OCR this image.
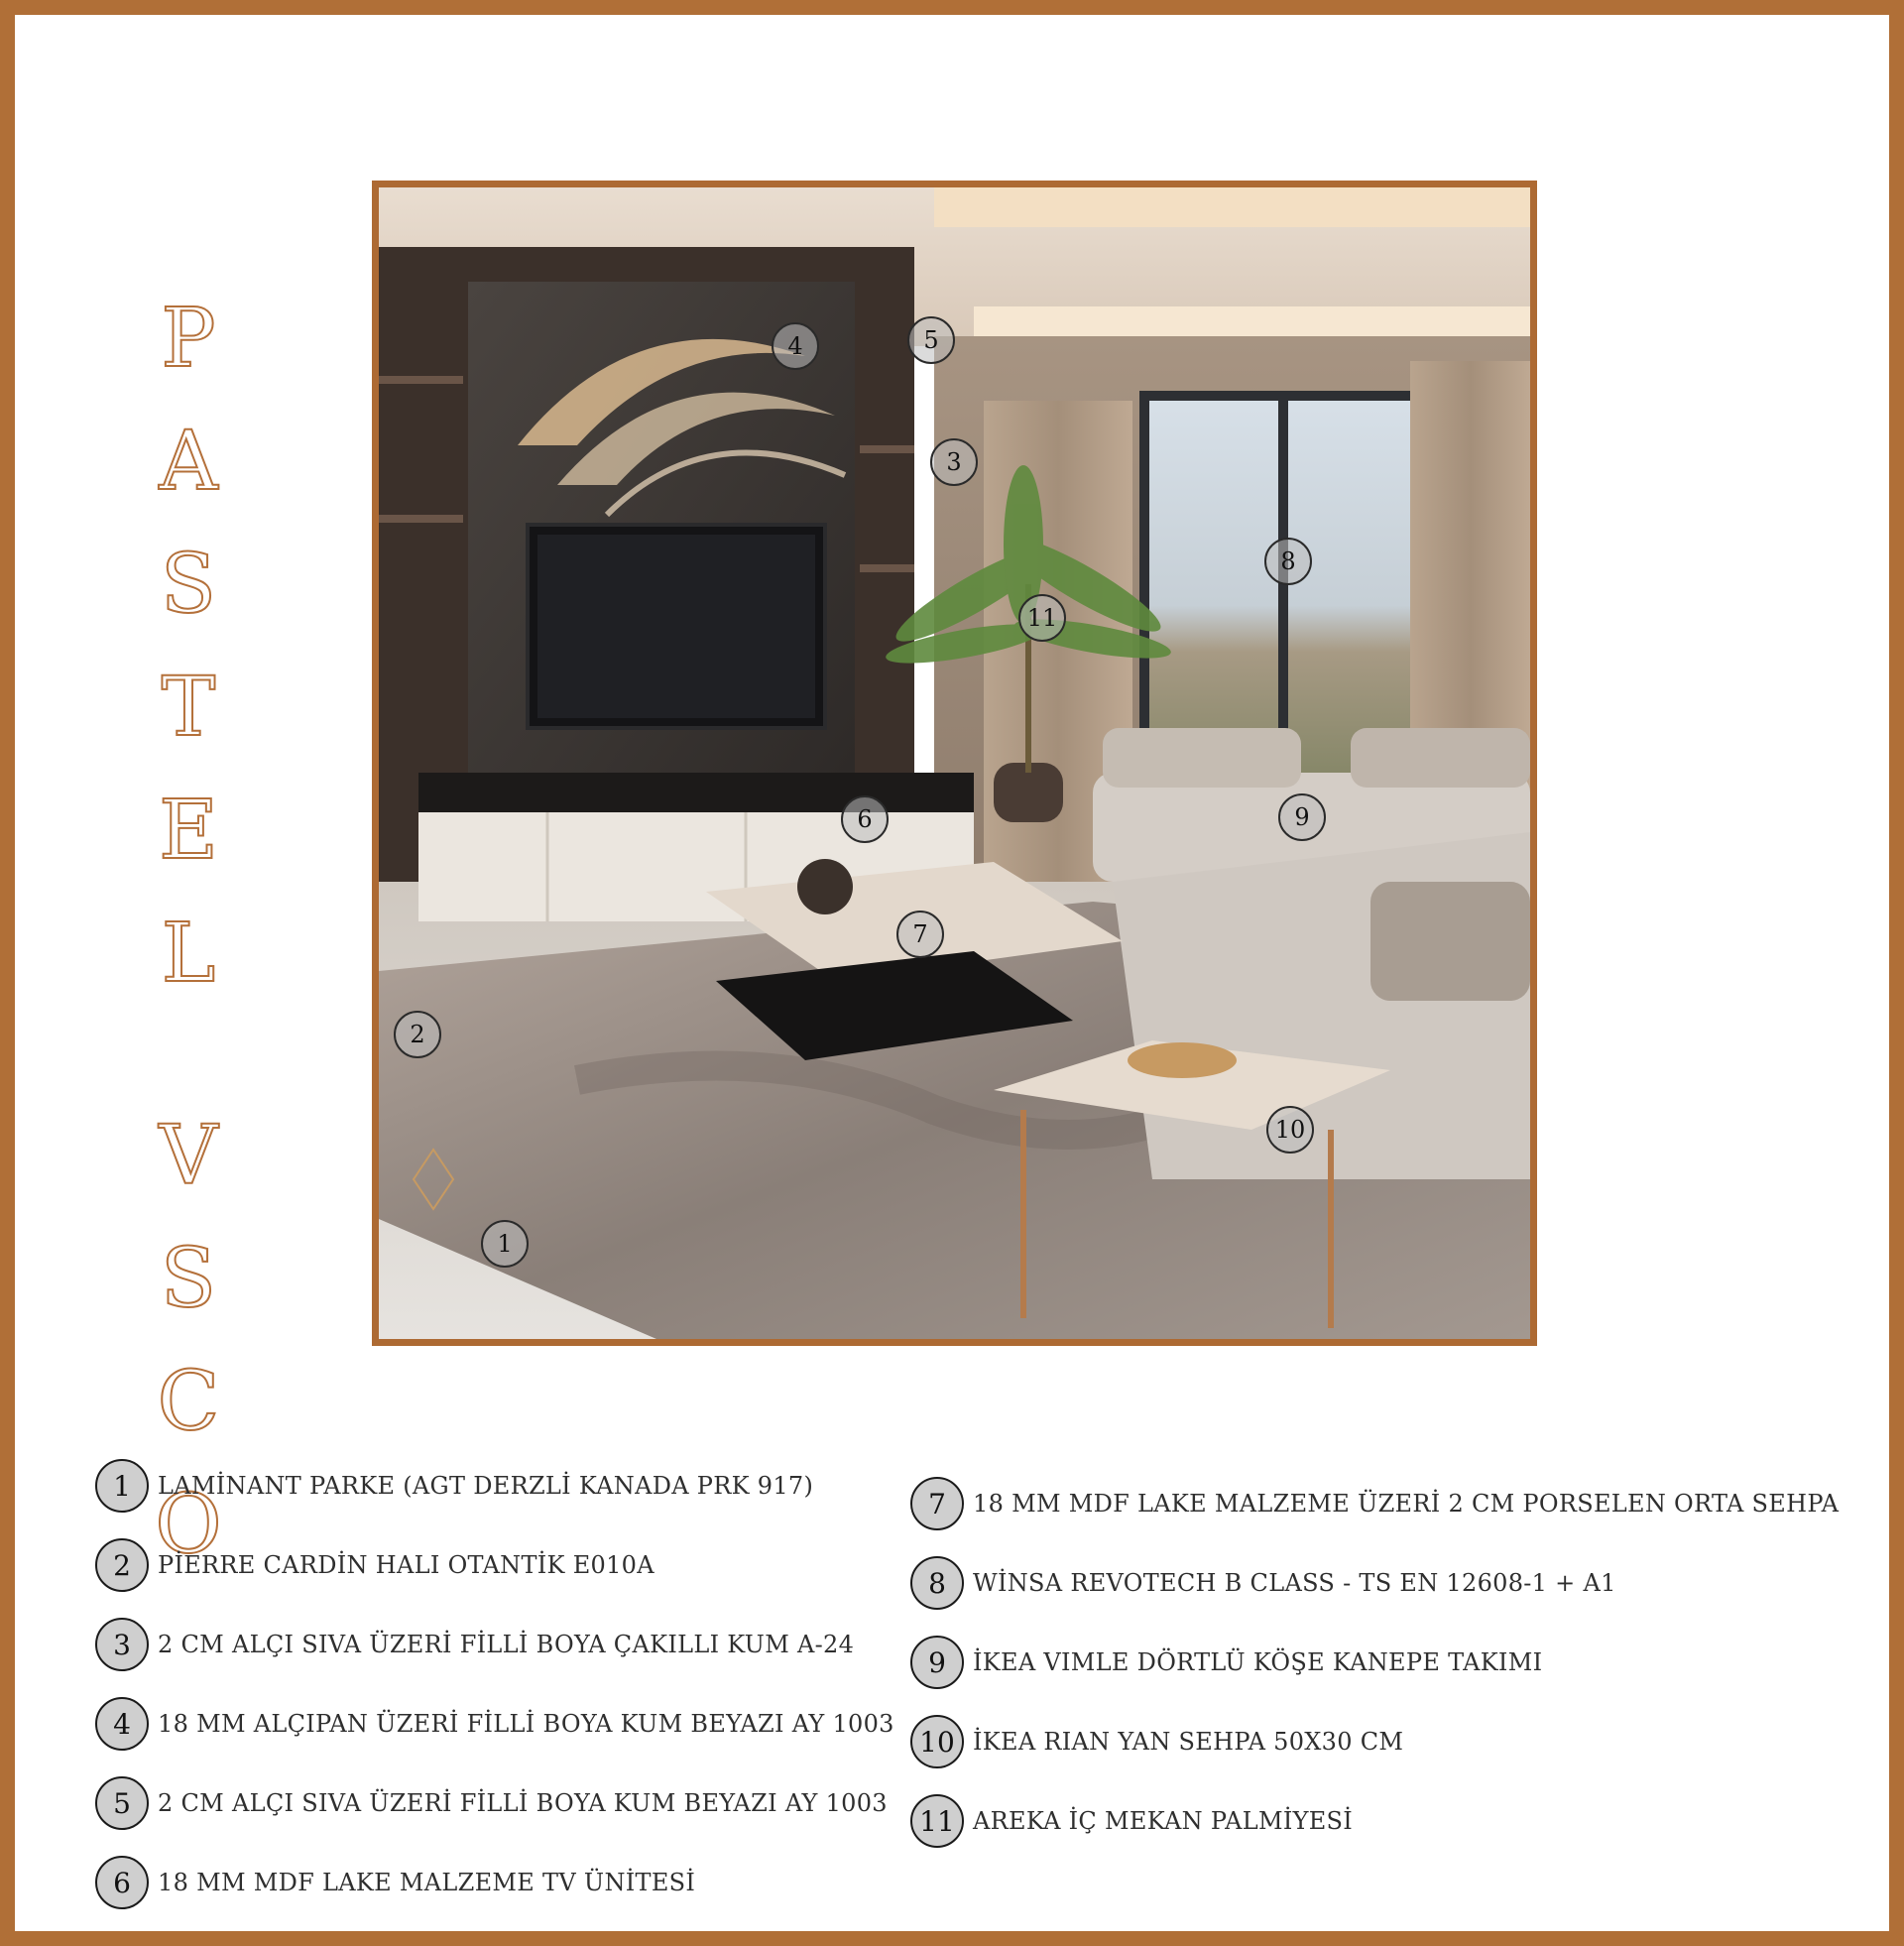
P
A
S
T
E
L
V
S
C
O
1
2
3
4	5
6
7
8
9
10
11
1	LAMİNANT PARKE (AGT DERZLİ KANADA PRK 917)
2	PİERRE CARDİN HALI OTANTİK E010A
3	2 CM ALÇI SIVA ÜZERİ FİLLİ BOYA ÇAKILLI KUM A-24
4	18 MM ALÇIPAN ÜZERİ FİLLİ BOYA KUM BEYAZI AY 1003
5	2 CM ALÇI SIVA ÜZERİ FİLLİ BOYA KUM BEYAZI AY 1003
6	18 MM MDF LAKE MALZEME TV ÜNİTESİ
7	18 MM MDF LAKE MALZEME ÜZERİ 2 CM PORSELEN ORTA SEHPA
8	WİNSA REVOTECH B CLASS - TS EN 12608-1 + A1
9	İKEA VIMLE DÖRTLÜ KÖŞE KANEPE TAKIMI
10 İKEA RIAN YAN SEHPA 50X30 CM
11 AREKA İÇ MEKAN PALMİYESİ
